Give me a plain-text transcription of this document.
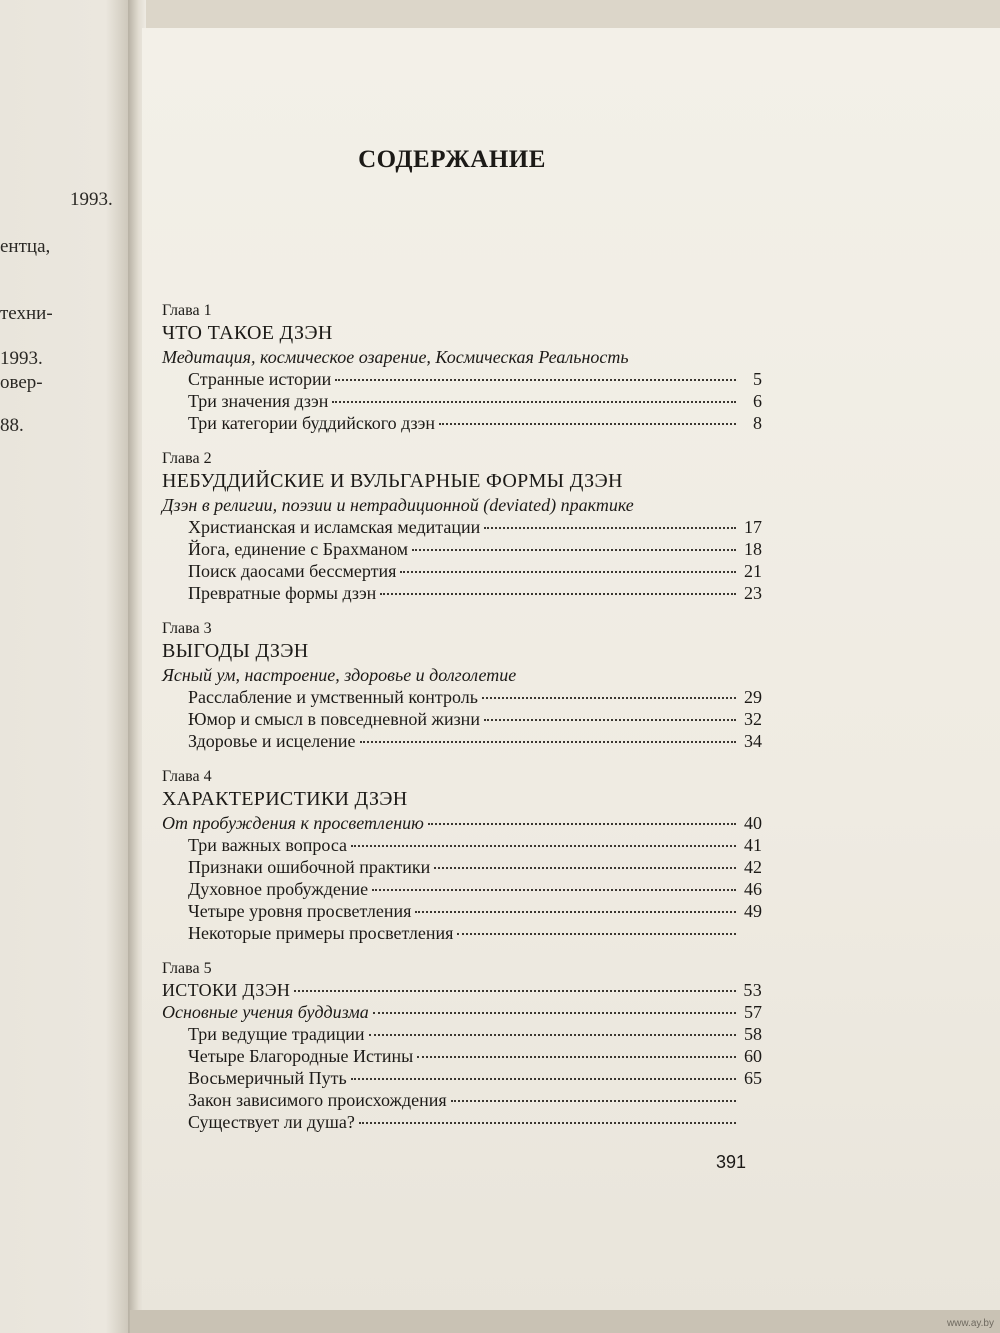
1993.
ентца,
техни-
1993.
овер-
88.
СОДЕРЖАНИЕ
Глава 1
ЧТО ТАКОЕ ДЗЭН
Медитация, космическое озарение, Космическая Реальность
Странные истории	5
Три значения дзэн	6
Три категории буддийского дзэн	8
Глава 2
НЕБУДДИЙСКИЕ И ВУЛЬГАРНЫЕ ФОРМЫ ДЗЭН
Дзэн в религии, поэзии и нетрадиционной (deviated) практике
Христианская и исламская медитации	17
Йога, единение с Брахманом	18
Поиск даосами бессмертия	21
Превратные формы дзэн	23
Глава 3
ВЫГОДЫ ДЗЭН
Ясный ум, настроение, здоровье и долголетие
Расслабление и умственный контроль	29
Юмор и смысл в повседневной жизни	32
Здоровье и исцеление	34
Глава 4
ХАРАКТЕРИСТИКИ ДЗЭН
От пробуждения к просветлению	40
Три важных вопроса	41
Признаки ошибочной практики	42
Духовное пробуждение	46
Четыре уровня просветления	49
Некоторые примеры просветления
Глава 5
ИСТОКИ ДЗЭН	53
Основные учения буддизма	57
Три ведущие традиции	58
Четыре Благородные Истины	60
Восьмеричный Путь	65
Закон зависимого происхождения
Существует ли душа?
391
www.ay.by
